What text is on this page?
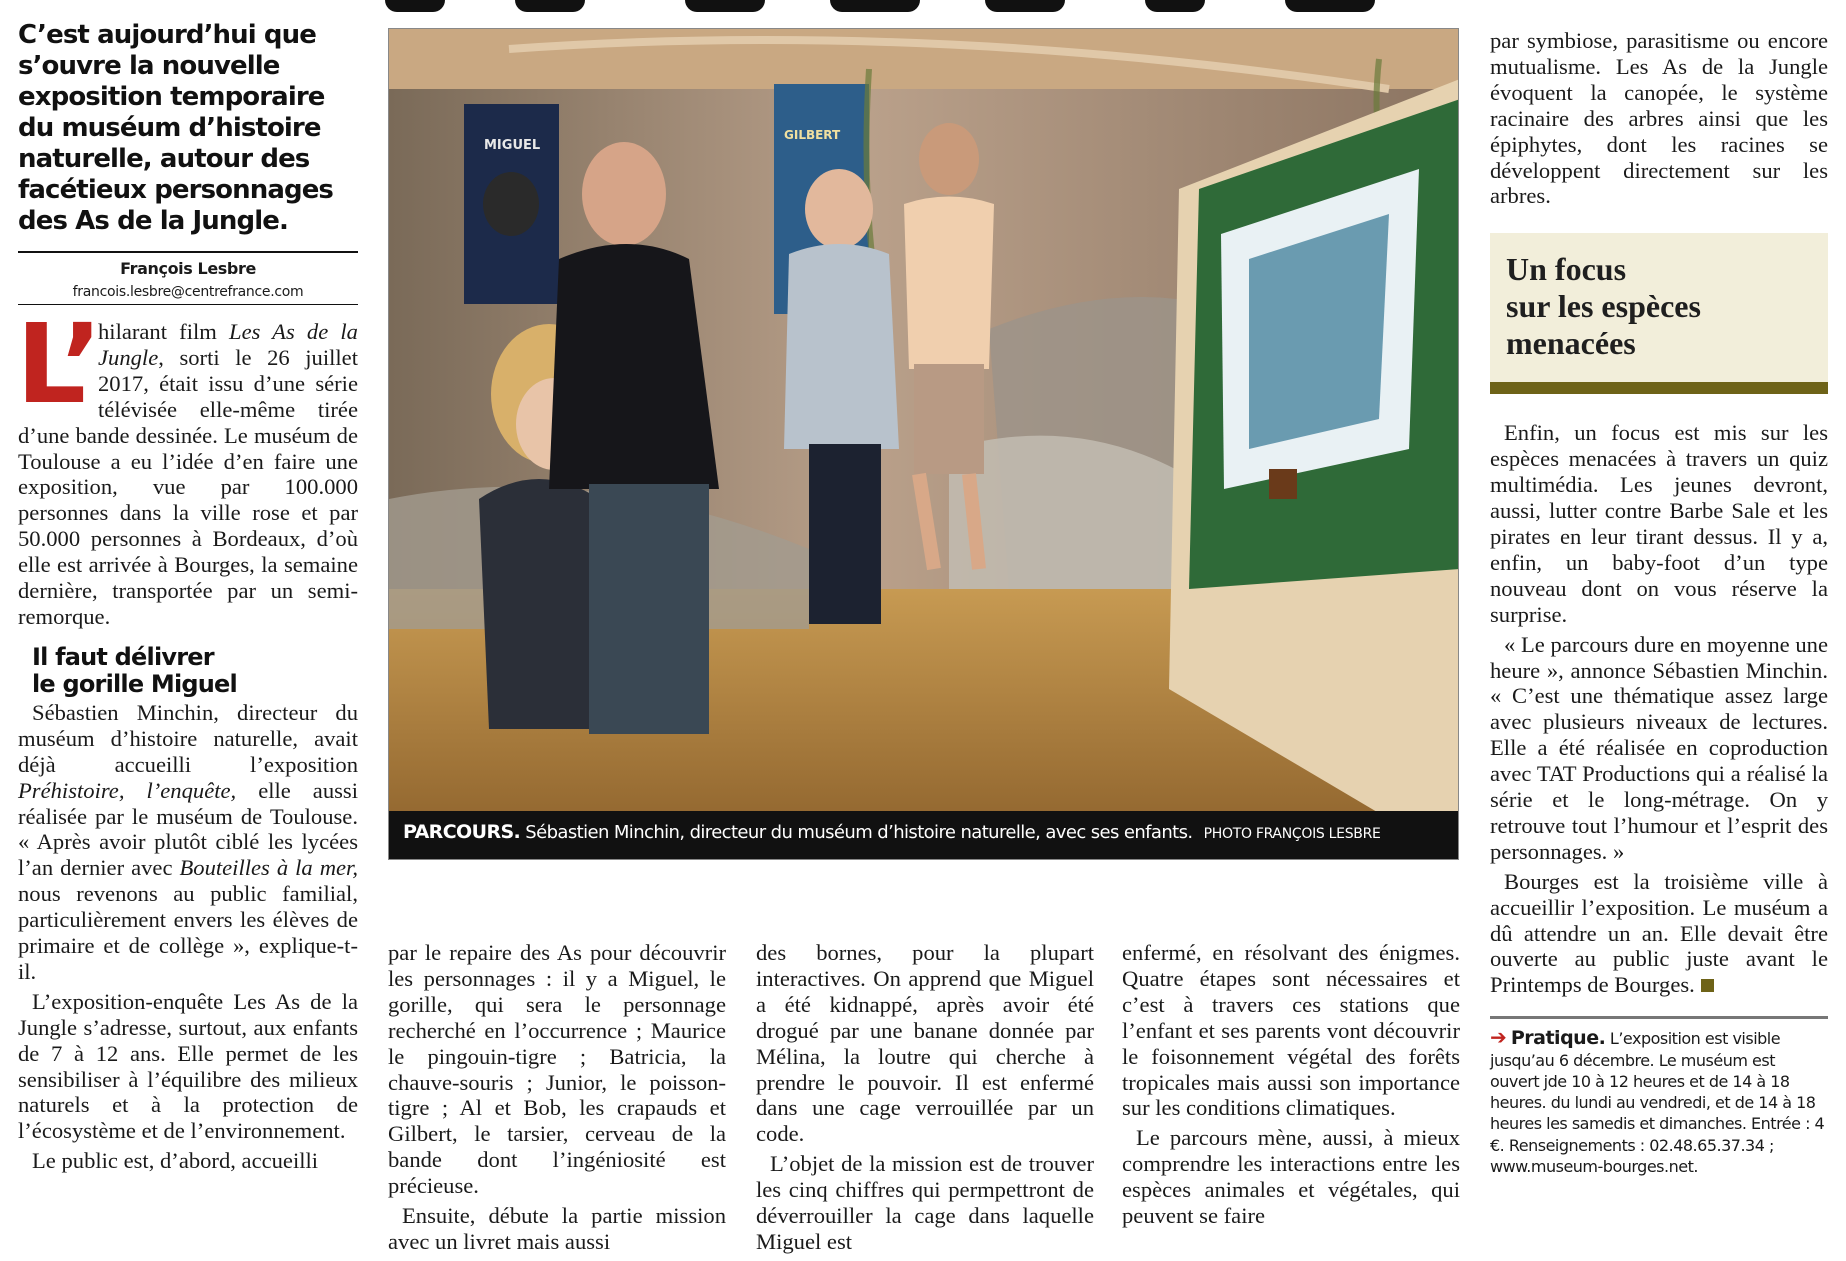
C’est aujourd’hui que s’ouvre la nouvelle exposition temporaire du muséum d’histoire naturelle, autour des facétieux personnages des As de la Jungle.
François Lesbre
francois.lesbre@centrefrance.com
L’

hilarant film Les As de la Jungle, sorti le 26 juillet 2017, était issu d’une série télévisée elle-même tirée d’une bande dessinée. Le muséum de Toulouse a eu l’idée d’en faire une exposition, vue par 100.000 personnes dans la ville rose et par 50.000 personnes à Bordeaux, d’où elle est arrivée à Bourges, la semaine dernière, transportée par un semi-remorque.

Il faut délivrer
le gorille Miguel

Sébastien Minchin, directeur du muséum d’histoire naturelle, avait déjà accueilli l’exposition Préhistoire, l’enquête, elle aussi réalisée par le muséum de Toulouse. « Après avoir plutôt ciblé les lycées l’an dernier avec Bouteilles à la mer, nous revenons au public familial, particulièrement envers les élèves de primaire et de collège », explique-t-il.

L’exposition-enquête Les As de la Jungle s’adresse, surtout, aux enfants de 7 à 12 ans. Elle permet de les sensibiliser à l’équilibre des milieux naturels et à la protection de l’écosystème et de l’environnement.

Le public est, d’abord, accueilli

MIGUEL
GILBERT
PARCOURS. Sébastien Minchin, directeur du muséum d’histoire naturelle, avec ses enfants. PHOTO FRANÇOIS LESBRE

par le repaire des As pour découvrir les personnages : il y a Miguel, le gorille, qui sera le personnage recherché en l’occurrence ; Maurice le pingouin-tigre ; Batricia, la chauve-souris ; Junior, le poisson-tigre ; Al et Bob, les crapauds et Gilbert, le tarsier, cerveau de la bande dont l’ingéniosité est précieuse.

Ensuite, débute la partie mission avec un livret mais aussi

des bornes, pour la plupart interactives. On apprend que Miguel a été kidnappé, après avoir été drogué par une banane donnée par Mélina, la loutre qui cherche à prendre le pouvoir. Il est enfermé dans une cage verrouillée par un code.

L’objet de la mission est de trouver les cinq chiffres qui permpettront de déverrouiller la cage dans laquelle Miguel est

enfermé, en résolvant des énigmes. Quatre étapes sont nécessaires et c’est à travers ces stations que l’enfant et ses parents vont découvrir le foisonnement végétal des forêts tropicales mais aussi son importance sur les conditions climatiques.

Le parcours mène, aussi, à mieux comprendre les interactions entre les espèces animales et végétales, qui peuvent se faire

par symbiose, parasitisme ou encore mutualisme. Les As de la Jungle évoquent la canopée, le système racinaire des arbres ainsi que les épiphytes, dont les racines se développent directement sur les arbres.

Un focus
sur les espèces
menacées

Enfin, un focus est mis sur les espèces menacées à travers un quiz multimédia. Les jeunes devront, aussi, lutter contre Barbe Sale et les pirates en leur tirant dessus. Il y a, enfin, un baby-foot d’un type nouveau dont on vous réserve la surprise.

« Le parcours dure en moyenne une heure », annonce Sébastien Minchin. « C’est une thématique assez large avec plusieurs niveaux de lectures. Elle a été réalisée en coproduction avec TAT Productions qui a réalisé la série et le long-métrage. On y retrouve tout l’humour et l’esprit des personnages. »

Bourges est la troisième ville à accueillir l’exposition. Le muséum a dû attendre un an. Elle devait être ouverte au public juste avant le Printemps de Bourges.

➔ Pratique. L’exposition est visible jusqu’au 6 décembre. Le muséum est ouvert jde 10 à 12 heures et de 14 à 18 heures. du lundi au vendredi, et de 14 à 18 heures les samedis et dimanches. Entrée : 4 €. Renseignements : 02.48.65.37.34 ; www.museum-bourges.net.
